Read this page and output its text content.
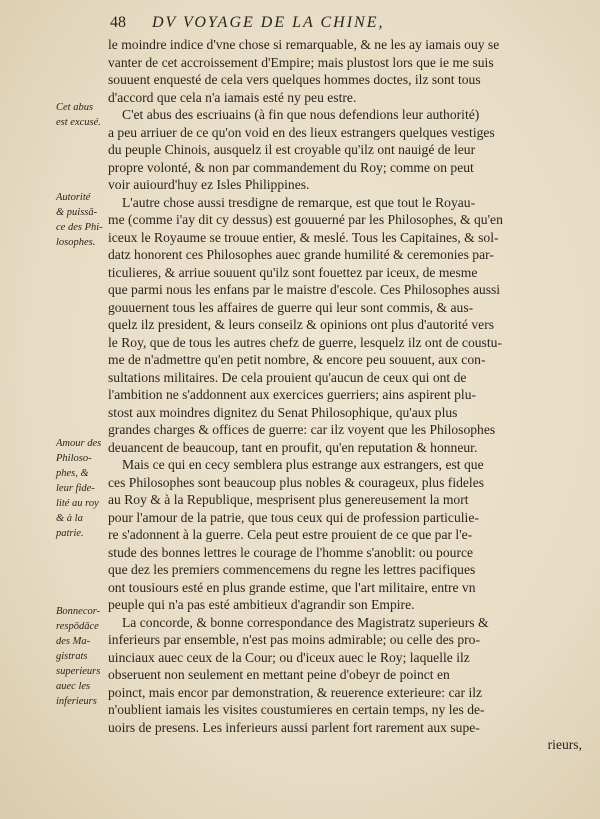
48 DV VOYAGE DE LA CHINE,
Cet abus
est excusé.
Autorité
& puissā-
ce des Phi-
losophes.
Amour des
Philoso-
phes, &
leur fide-
lité au roy
& à la
patrie.
Bonnecor-
respōdāce
des Ma-
gistrats
superieurs
auec les
inferieurs
le moindre indice d'vne chose si remarquable, & ne les ay iamais ouy se
vanter de cet accroissement d'Empire; mais plustost lors que ie me suis
souuent enquesté de cela vers quelques hommes doctes, ilz sont tous
d'accord que cela n'a iamais esté ny peu estre.
C'et abus des escriuains (à fin que nous defendions leur authorité)
a peu arriuer de ce qu'on void en des lieux estrangers quelques vestiges
du peuple Chinois, ausquelz il est croyable qu'ilz ont nauigé de leur
propre volonté, & non par commandement du Roy; comme on peut
voir auiourd'huy ez Isles Philippines.
L'autre chose aussi tresdigne de remarque, est que tout le Royau-
me (comme i'ay dit cy dessus) est gouuerné par les Philosophes, & qu'en
iceux le Royaume se trouue entier, & meslé. Tous les Capitaines, & sol-
datz honorent ces Philosophes auec grande humilité & ceremonies par-
ticulieres, & arriue souuent qu'ilz sont fouettez par iceux, de mesme
que parmi nous les enfans par le maistre d'escole. Ces Philosophes aussi
gouuernent tous les affaires de guerre qui leur sont commis, & aus-
quelz ilz president, & leurs conseilz & opinions ont plus d'autorité vers
le Roy, que de tous les autres chefz de guerre, lesquelz ilz ont de coustu-
me de n'admettre qu'en petit nombre, & encore peu souuent, aux con-
sultations militaires. De cela prouient qu'aucun de ceux qui ont de
l'ambition ne s'addonnent aux exercices guerriers; ains aspirent plu-
stost aux moindres dignitez du Senat Philosophique, qu'aux plus
grandes charges & offices de guerre: car ilz voyent que les Philosophes
deuancent de beaucoup, tant en proufit, qu'en reputation & honneur.
Mais ce qui en cecy semblera plus estrange aux estrangers, est que
ces Philosophes sont beaucoup plus nobles & courageux, plus fideles
au Roy & à la Republique, mesprisent plus genereusement la mort
pour l'amour de la patrie, que tous ceux qui de profession particulie-
re s'adonnent à la guerre. Cela peut estre prouient de ce que par l'e-
stude des bonnes lettres le courage de l'homme s'anoblit: ou pource
que dez les premiers commencemens du regne les lettres pacifiques
ont tousiours esté en plus grande estime, que l'art militaire, entre vn
peuple qui n'a pas esté ambitieux d'agrandir son Empire.
La concorde, & bonne correspondance des Magistratz superieurs &
inferieurs par ensemble, n'est pas moins admirable; ou celle des pro-
uinciaux auec ceux de la Cour; ou d'iceux auec le Roy; laquelle ilz
obseruent non seulement en mettant peine d'obeyr de poinct en
poinct, mais encor par demonstration, & reuerence exterieure: car ilz
n'oublient iamais les visites coustumieres en certain temps, ny les de-
uoirs de presens. Les inferieurs aussi parlent fort rarement aux supe-
rieurs,
